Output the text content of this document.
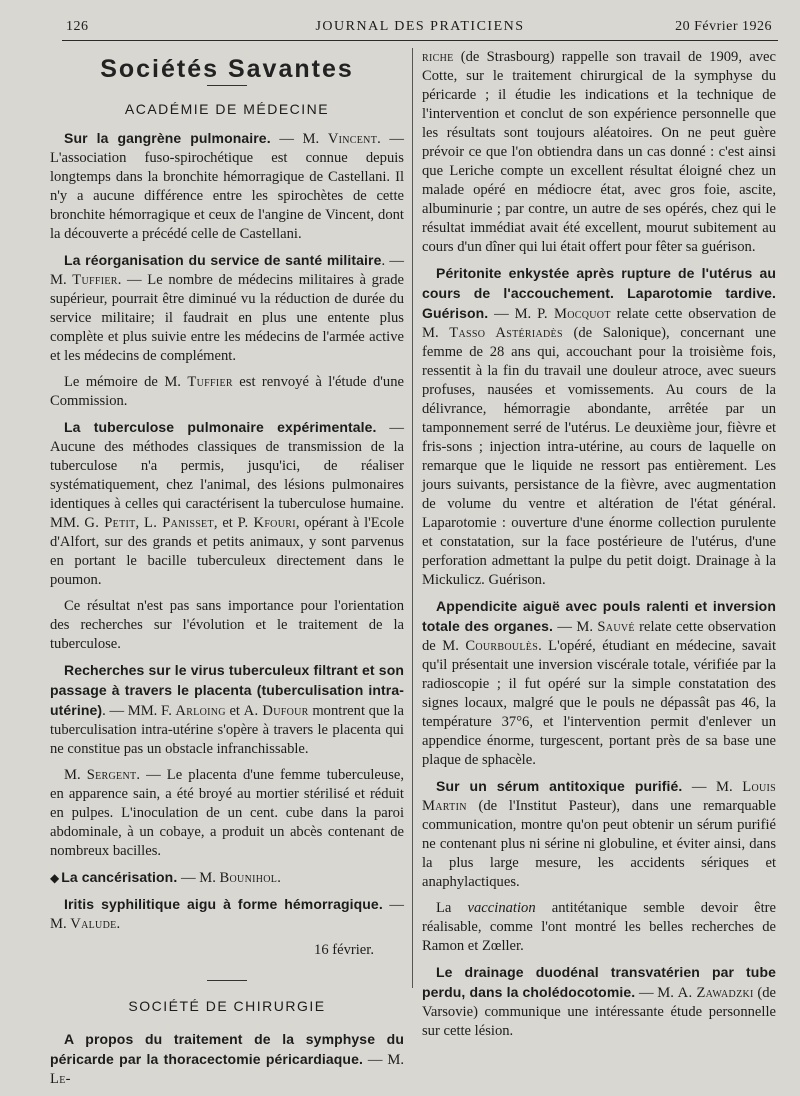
126	JOURNAL DES PRATICIENS	20 Février 1926
Sociétés Savantes
ACADÉMIE DE MÉDECINE

Sur la gangrène pulmonaire. — M. Vincent. — L'association fuso-spirochétique est connue depuis longtemps dans la bronchite hémorragique de Castellani. Il n'y a aucune différence entre les spirochètes de cette bronchite hémorragique et ceux de l'angine de Vincent, dont la découverte a précédé celle de Castellani.

La réorganisation du service de santé militaire. — M. Tuffier. — Le nombre de médecins militaires à grade supérieur, pourrait être diminué vu la réduction de durée du service militaire; il faudrait en plus une entente plus complète et plus suivie entre les médecins de l'armée active et les médecins de complément.

Le mémoire de M. Tuffier est renvoyé à l'étude d'une Commission.

La tuberculose pulmonaire expérimentale. — Aucune des méthodes classiques de transmission de la tuberculose n'a permis, jusqu'ici, de réaliser systématiquement, chez l'animal, des lésions pulmonaires identiques à celles qui caractérisent la tuberculose humaine. MM. G. Petit, L. Panisset, et P. Kfouri, opérant à l'Ecole d'Alfort, sur des grands et petits animaux, y sont parvenus en portant le bacille tuberculeux directement dans le poumon.

Ce résultat n'est pas sans importance pour l'orientation des recherches sur l'évolution et le traitement de la tuberculose.

Recherches sur le virus tuberculeux filtrant et son passage à travers le placenta (tuberculisation intra-utérine). — MM. F. Arloing et A. Dufour montrent que la tuberculisation intra-utérine s'opère à travers le placenta qui ne constitue pas un obstacle infranchissable.

M. Sergent. — Le placenta d'une femme tuberculeuse, en apparence sain, a été broyé au mortier stérilisé et réduit en pulpes. L'inoculation de un cent. cube dans la paroi abdominale, à un cobaye, a produit un abcès contenant de nombreux bacilles.

◆ La cancérisation. — M. Bounihol.

Iritis syphilitique aigu à forme hémorragique. — M. Valude.

16 février.
SOCIÉTÉ DE CHIRURGIE

A propos du traitement de la symphyse du péricarde par la thoracectomie péricardiaque. — M. Le-

riche (de Strasbourg) rappelle son travail de 1909, avec Cotte, sur le traitement chirurgical de la symphyse du péricarde ; il étudie les indications et la technique de l'intervention et conclut de son expérience personnelle que les résultats sont toujours aléatoires. On ne peut guère prévoir ce que l'on obtiendra dans un cas donné : c'est ainsi que Leriche compte un excellent résultat éloigné chez un malade opéré en médiocre état, avec gros foie, ascite, albuminurie ; par contre, un autre de ses opérés, chez qui le résultat immédiat avait été excellent, mourut subitement au cours d'un dîner qui lui était offert pour fêter sa guérison.

Péritonite enkystée après rupture de l'utérus au cours de l'accouchement. Laparotomie tardive. Guérison. — M. P. Mocquot relate cette observation de M. Tasso Astériadès (de Salonique), concernant une femme de 28 ans qui, accouchant pour la troisième fois, ressentit à la fin du travail une douleur atroce, avec sueurs profuses, nausées et vomissements. Au cours de la délivrance, hémorragie abondante, arrêtée par un tamponnement serré de l'utérus. Le deuxième jour, fièvre et fris-sons ; injection intra-utérine, au cours de laquelle on remarque que le liquide ne ressort pas entièrement. Les jours suivants, persistance de la fièvre, avec augmentation de volume du ventre et altération de l'état général. Laparotomie : ouverture d'une énorme collection purulente et constatation, sur la face postérieure de l'utérus, d'une perforation admettant la pulpe du petit doigt. Drainage à la Mickulicz. Guérison.

Appendicite aiguë avec pouls ralenti et inversion totale des organes. — M. Sauvé relate cette observation de M. Courboulès. L'opéré, étudiant en médecine, savait qu'il présentait une inversion viscérale totale, vérifiée par la radioscopie ; il fut opéré sur la simple constatation des signes locaux, malgré que le pouls ne dépassât pas 46, la température 37°6, et l'intervention permit d'enlever un appendice énorme, turgescent, portant près de sa base une plaque de sphacèle.

Sur un sérum antitoxique purifié. — M. Louis Martin (de l'Institut Pasteur), dans une remarquable communication, montre qu'on peut obtenir un sérum purifié ne contenant plus ni sérine ni globuline, et éviter ainsi, dans la plus large mesure, les accidents sériques et anaphylactiques.

La vaccination antitétanique semble devoir être réalisable, comme l'ont montré les belles recherches de Ramon et Zœller.

Le drainage duodénal transvatérien par tube perdu, dans la cholédocotomie. — M. A. Zawadzki (de Varsovie) communique une intéressante étude personnelle sur cette lésion.
